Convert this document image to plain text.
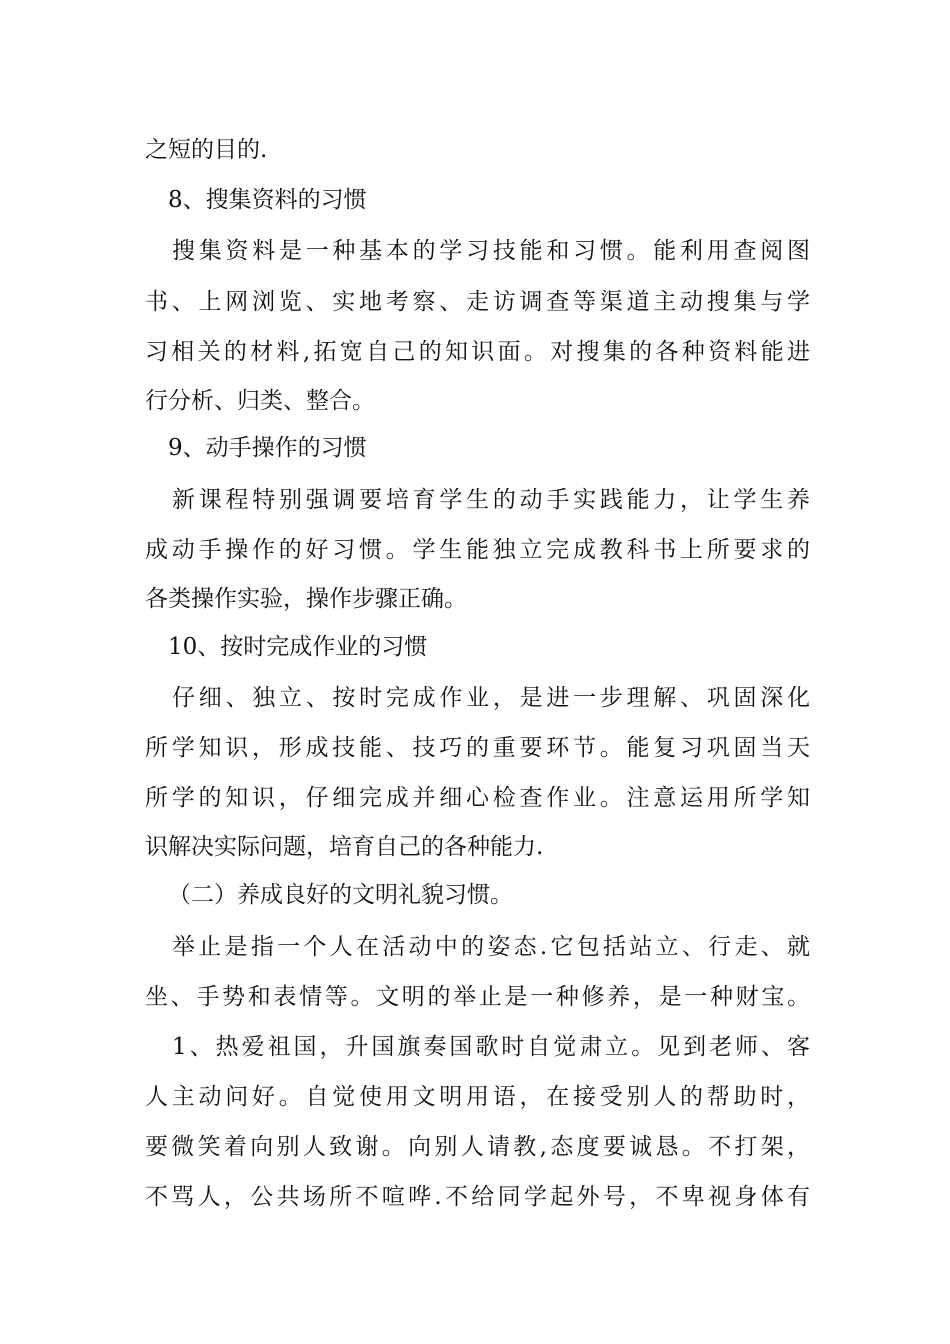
之短的目的.
8、搜集资料的习惯
搜集资料是一种基本的学习技能和习惯。能利用查阅图
书、上网浏览、实地考察、走访调查等渠道主动搜集与学
习相关的材料,拓宽自己的知识面。对搜集的各种资料能进
行分析、归类、整合。
9、动手操作的习惯
新课程特别强调要培育学生的动手实践能力，让学生养
成动手操作的好习惯。学生能独立完成教科书上所要求的
各类操作实验，操作步骤正确。
10、按时完成作业的习惯
仔细、独立、按时完成作业，是进一步理解、巩固深化
所学知识，形成技能、技巧的重要环节。能复习巩固当天
所学的知识，仔细完成并细心检查作业。注意运用所学知
识解决实际问题，培育自己的各种能力.
（二）养成良好的文明礼貌习惯。
举止是指一个人在活动中的姿态.它包括站立、行走、就
坐、手势和表情等。文明的举止是一种修养，是一种财宝。
1、热爱祖国，升国旗奏国歌时自觉肃立。见到老师、客
人主动问好。自觉使用文明用语，在接受别人的帮助时，
要微笑着向别人致谢。向别人请教,态度要诚恳。不打架，
不骂人，公共场所不喧哗.不给同学起外号，不卑视身体有
